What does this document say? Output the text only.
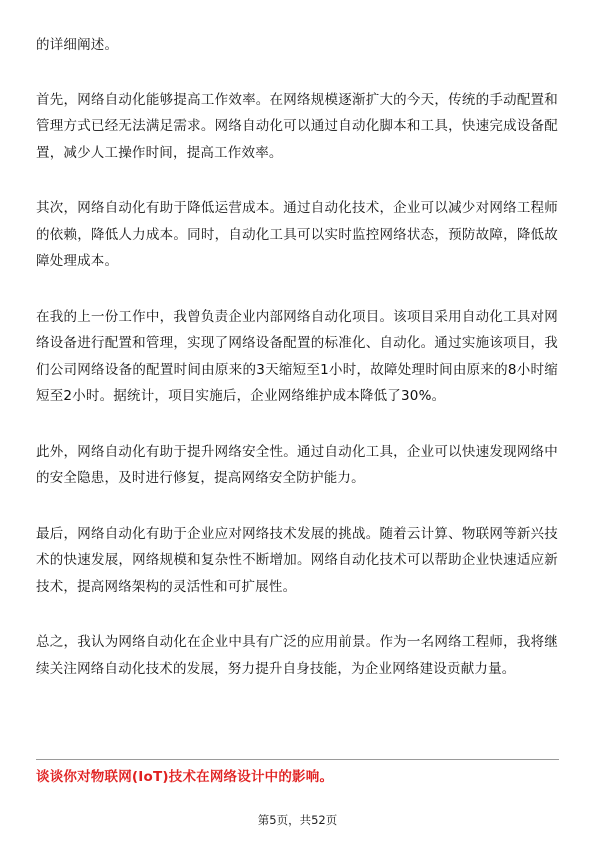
的详细阐述。

首先，网络自动化能够提高工作效率。在网络规模逐渐扩大的今天，传统的手动配置和管理方式已经无法满足需求。网络自动化可以通过自动化脚本和工具，快速完成设备配置，减少人工操作时间，提高工作效率。

其次，网络自动化有助于降低运营成本。通过自动化技术，企业可以减少对网络工程师的依赖，降低人力成本。同时，自动化工具可以实时监控网络状态，预防故障，降低故障处理成本。

在我的上一份工作中，我曾负责企业内部网络自动化项目。该项目采用自动化工具对网络设备进行配置和管理，实现了网络设备配置的标准化、自动化。通过实施该项目，我们公司网络设备的配置时间由原来的3天缩短至1小时，故障处理时间由原来的8小时缩短至2小时。据统计，项目实施后，企业网络维护成本降低了30%。

此外，网络自动化有助于提升网络安全性。通过自动化工具，企业可以快速发现网络中的安全隐患，及时进行修复，提高网络安全防护能力。

最后，网络自动化有助于企业应对网络技术发展的挑战。随着云计算、物联网等新兴技术的快速发展，网络规模和复杂性不断增加。网络自动化技术可以帮助企业快速适应新技术，提高网络架构的灵活性和可扩展性。

总之，我认为网络自动化在企业中具有广泛的应用前景。作为一名网络工程师，我将继续关注网络自动化技术的发展，努力提升自身技能，为企业网络建设贡献力量。

谈谈你对物联网(IoT)技术在网络设计中的影响。
第5页，共52页
